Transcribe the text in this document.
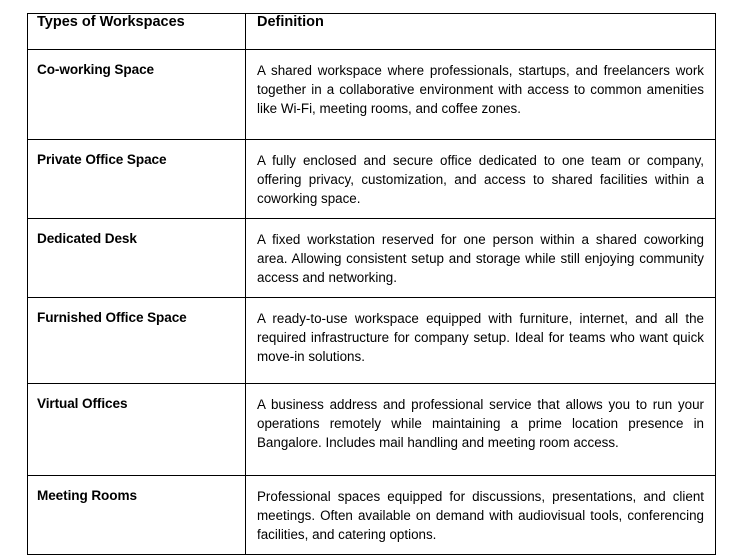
Types of Workspaces	Definition

Co-working Space	A shared workspace where professionals, startups, and freelancers work together in a collaborative environment with access to common amenities like Wi-Fi, meeting rooms, and coffee zones.

Private Office Space	A fully enclosed and secure office dedicated to one team or company, offering privacy, customization, and access to shared facilities within a coworking space.

Dedicated Desk	A fixed workstation reserved for one person within a shared coworking area. Allowing consistent setup and storage while still enjoying community access and networking.

Furnished Office Space	A ready-to-use workspace equipped with furniture, internet, and all the required infrastructure for company setup. Ideal for teams who want quick move-in solutions.

Virtual Offices	A business address and professional service that allows you to run your operations remotely while maintaining a prime location presence in Bangalore. Includes mail handling and meeting room access.

Meeting Rooms	Professional spaces equipped for discussions, presentations, and client meetings. Often available on demand with audiovisual tools, conferencing facilities, and catering options.
